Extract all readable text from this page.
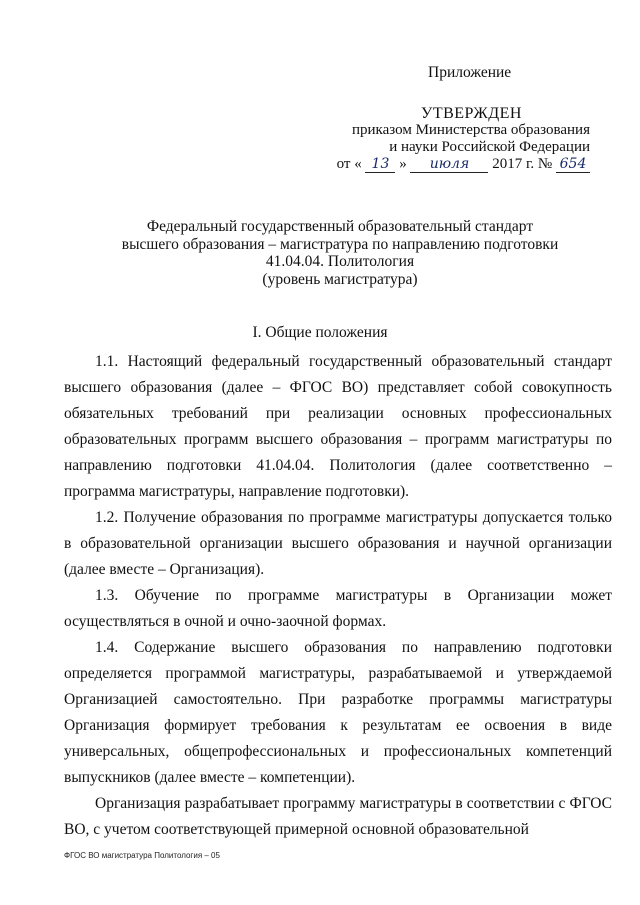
Приложение
УТВЕРЖДЕН
приказом Министерства образования
и науки Российской Федерации
от « 13 » июля 2017 г. № 654
Федеральный государственный образовательный стандарт
высшего образования – магистратура по направлению подготовки
41.04.04. Политология
(уровень магистратура)
I. Общие положения

1.1. Настоящий федеральный государственный образовательный стандарт высшего образования (далее – ФГОС ВО) представляет собой совокупность обязательных требований при реализации основных профессиональных образовательных программ высшего образования – программ магистратуры по направлению подготовки 41.04.04. Политология (далее соответственно – программа магистратуры, направление подготовки).

1.2. Получение образования по программе магистратуры допускается только в образовательной организации высшего образования и научной организации (далее вместе – Организация).

1.3. Обучение по программе магистратуры в Организации может осуществляться в очной и очно-заочной формах.

1.4. Содержание высшего образования по направлению подготовки определяется программой магистратуры, разрабатываемой и утверждаемой Организацией самостоятельно. При разработке программы магистратуры Организация формирует требования к результатам ее освоения в виде универсальных, общепрофессиональных и профессиональных компетенций выпускников (далее вместе – компетенции).

Организация разрабатывает программу магистратуры в соответствии с ФГОС ВО, с учетом соответствующей примерной основной образовательной

ФГОС ВО магистратура Политология – 05
